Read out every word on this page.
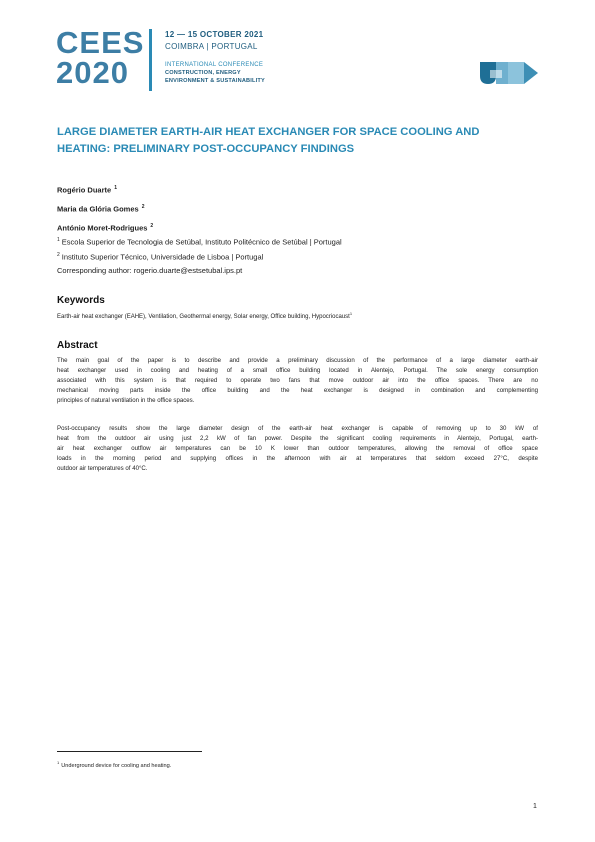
CEES
2020
12 — 15 OCTOBER 2021
COIMBRA | PORTUGAL
INTERNATIONAL CONFERENCE
CONSTRUCTION, ENERGY
ENVIRONMENT & SUSTAINABILITY
LARGE DIAMETER EARTH-AIR HEAT EXCHANGER FOR SPACE COOLING AND
HEATING: PRELIMINARY POST-OCCUPANCY FINDINGS
Rogério Duarte $^1$
Maria da Glória Gomes $^2$
António Moret-Rodrigues $^2$
$^1$ Escola Superior de Tecnologia de Setúbal, Instituto Politécnico de Setúbal | Portugal
$^2$ Instituto Superior Técnico, Universidade de Lisboa | Portugal
Corresponding author: rogerio.duarte@estsetubal.ips.pt
Keywords
Earth-air heat exchanger (EAHE), Ventilation, Geothermal energy, Solar energy, Office building, Hypocriocaust$^1$
Abstract
The main goal of the paper is to describe and provide a preliminary discussion of the performance of a large diameter earth-air
heat exchanger used in cooling and heating of a small office building located in Alentejo, Portugal. The sole energy consumption
associated with this system is that required to operate two fans that move outdoor air into the office spaces. There are no
mechanical moving parts inside the office building and the heat exchanger is designed in combination and complementing
principles of natural ventilation in the office spaces.
Post-occupancy results show the large diameter design of the earth-air heat exchanger is capable of removing up to 30 kW of
heat from the outdoor air using just 2,2 kW of fan power. Despite the significant cooling requirements in Alentejo, Portugal, earth-
air heat exchanger outflow air temperatures can be 10 K lower than outdoor temperatures, allowing the removal of office space
loads in the morning period and supplying offices in the afternoon with air at temperatures that seldom exceed 27°C, despite
outdoor air temperatures of 40°C.
$^1$Underground device for cooling and heating.
1
